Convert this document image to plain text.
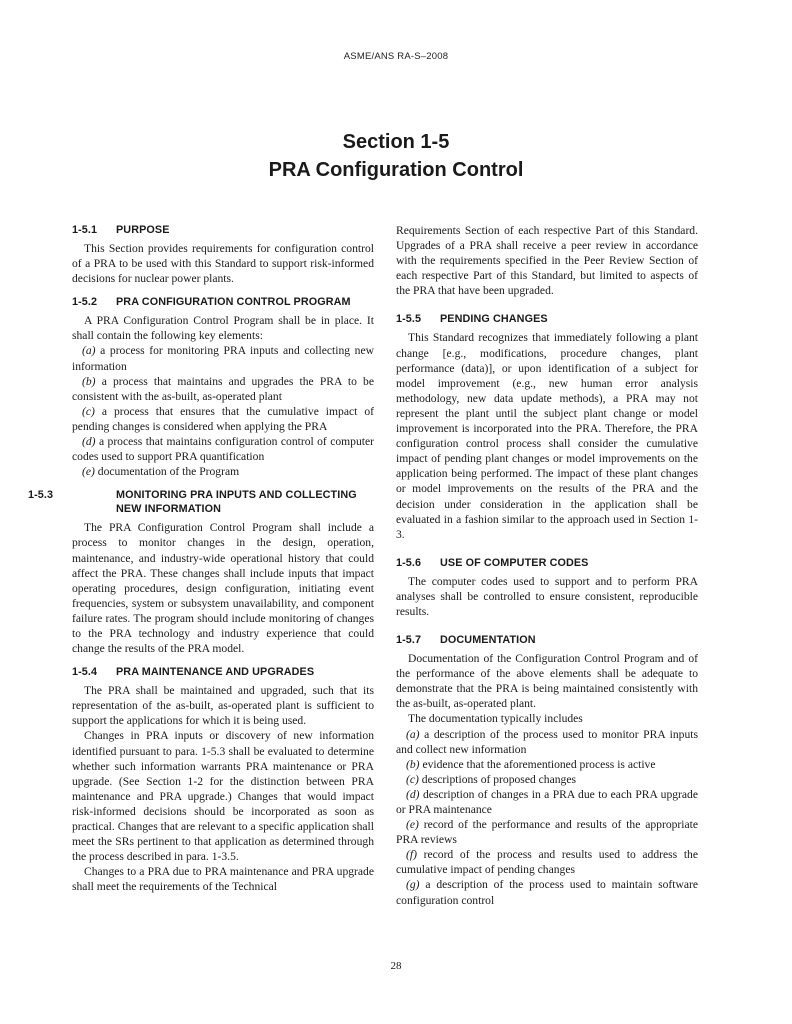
ASME/ANS RA-S–2008
Section 1-5
PRA Configuration Control
1-5.1 PURPOSE

This Section provides requirements for configuration control of a PRA to be used with this Standard to support risk-informed decisions for nuclear power plants.

1-5.2 PRA CONFIGURATION CONTROL PROGRAM

A PRA Configuration Control Program shall be in place. It shall contain the following key elements:

(a) a process for monitoring PRA inputs and collecting new information

(b) a process that maintains and upgrades the PRA to be consistent with the as-built, as-operated plant

(c) a process that ensures that the cumulative impact of pending changes is considered when applying the PRA

(d) a process that maintains configuration control of computer codes used to support PRA quantification

(e) documentation of the Program

1-5.3	MONITORING PRA INPUTS AND COLLECTING NEW INFORMATION

The PRA Configuration Control Program shall include a process to monitor changes in the design, operation, maintenance, and industry-wide operational history that could affect the PRA. These changes shall include inputs that impact operating procedures, design configuration, initiating event frequencies, system or subsystem unavailability, and component failure rates. The program should include monitoring of changes to the PRA technology and industry experience that could change the results of the PRA model.

1-5.4 PRA MAINTENANCE AND UPGRADES

The PRA shall be maintained and upgraded, such that its representation of the as-built, as-operated plant is sufficient to support the applications for which it is being used.

Changes in PRA inputs or discovery of new information identified pursuant to para. 1-5.3 shall be evaluated to determine whether such information warrants PRA maintenance or PRA upgrade. (See Section 1-2 for the distinction between PRA maintenance and PRA upgrade.) Changes that would impact risk-informed decisions should be incorporated as soon as practical. Changes that are relevant to a specific application shall meet the SRs pertinent to that application as determined through the process described in para. 1-3.5.

Changes to a PRA due to PRA maintenance and PRA upgrade shall meet the requirements of the Technical

Requirements Section of each respective Part of this Standard. Upgrades of a PRA shall receive a peer review in accordance with the requirements specified in the Peer Review Section of each respective Part of this Standard, but limited to aspects of the PRA that have been upgraded.

1-5.5 PENDING CHANGES

This Standard recognizes that immediately following a plant change [e.g., modifications, procedure changes, plant performance (data)], or upon identification of a subject for model improvement (e.g., new human error analysis methodology, new data update methods), a PRA may not represent the plant until the subject plant change or model improvement is incorporated into the PRA. Therefore, the PRA configuration control process shall consider the cumulative impact of pending plant changes or model improvements on the application being performed. The impact of these plant changes or model improvements on the results of the PRA and the decision under consideration in the application shall be evaluated in a fashion similar to the approach used in Section 1-3.

1-5.6 USE OF COMPUTER CODES

The computer codes used to support and to perform PRA analyses shall be controlled to ensure consistent, reproducible results.

1-5.7 DOCUMENTATION

Documentation of the Configuration Control Program and of the performance of the above elements shall be adequate to demonstrate that the PRA is being maintained consistently with the as-built, as-operated plant.

The documentation typically includes

(a) a description of the process used to monitor PRA inputs and collect new information

(b) evidence that the aforementioned process is active

(c) descriptions of proposed changes

(d) description of changes in a PRA due to each PRA upgrade or PRA maintenance

(e) record of the performance and results of the appropriate PRA reviews

(f) record of the process and results used to address the cumulative impact of pending changes

(g) a description of the process used to maintain software configuration control

28
